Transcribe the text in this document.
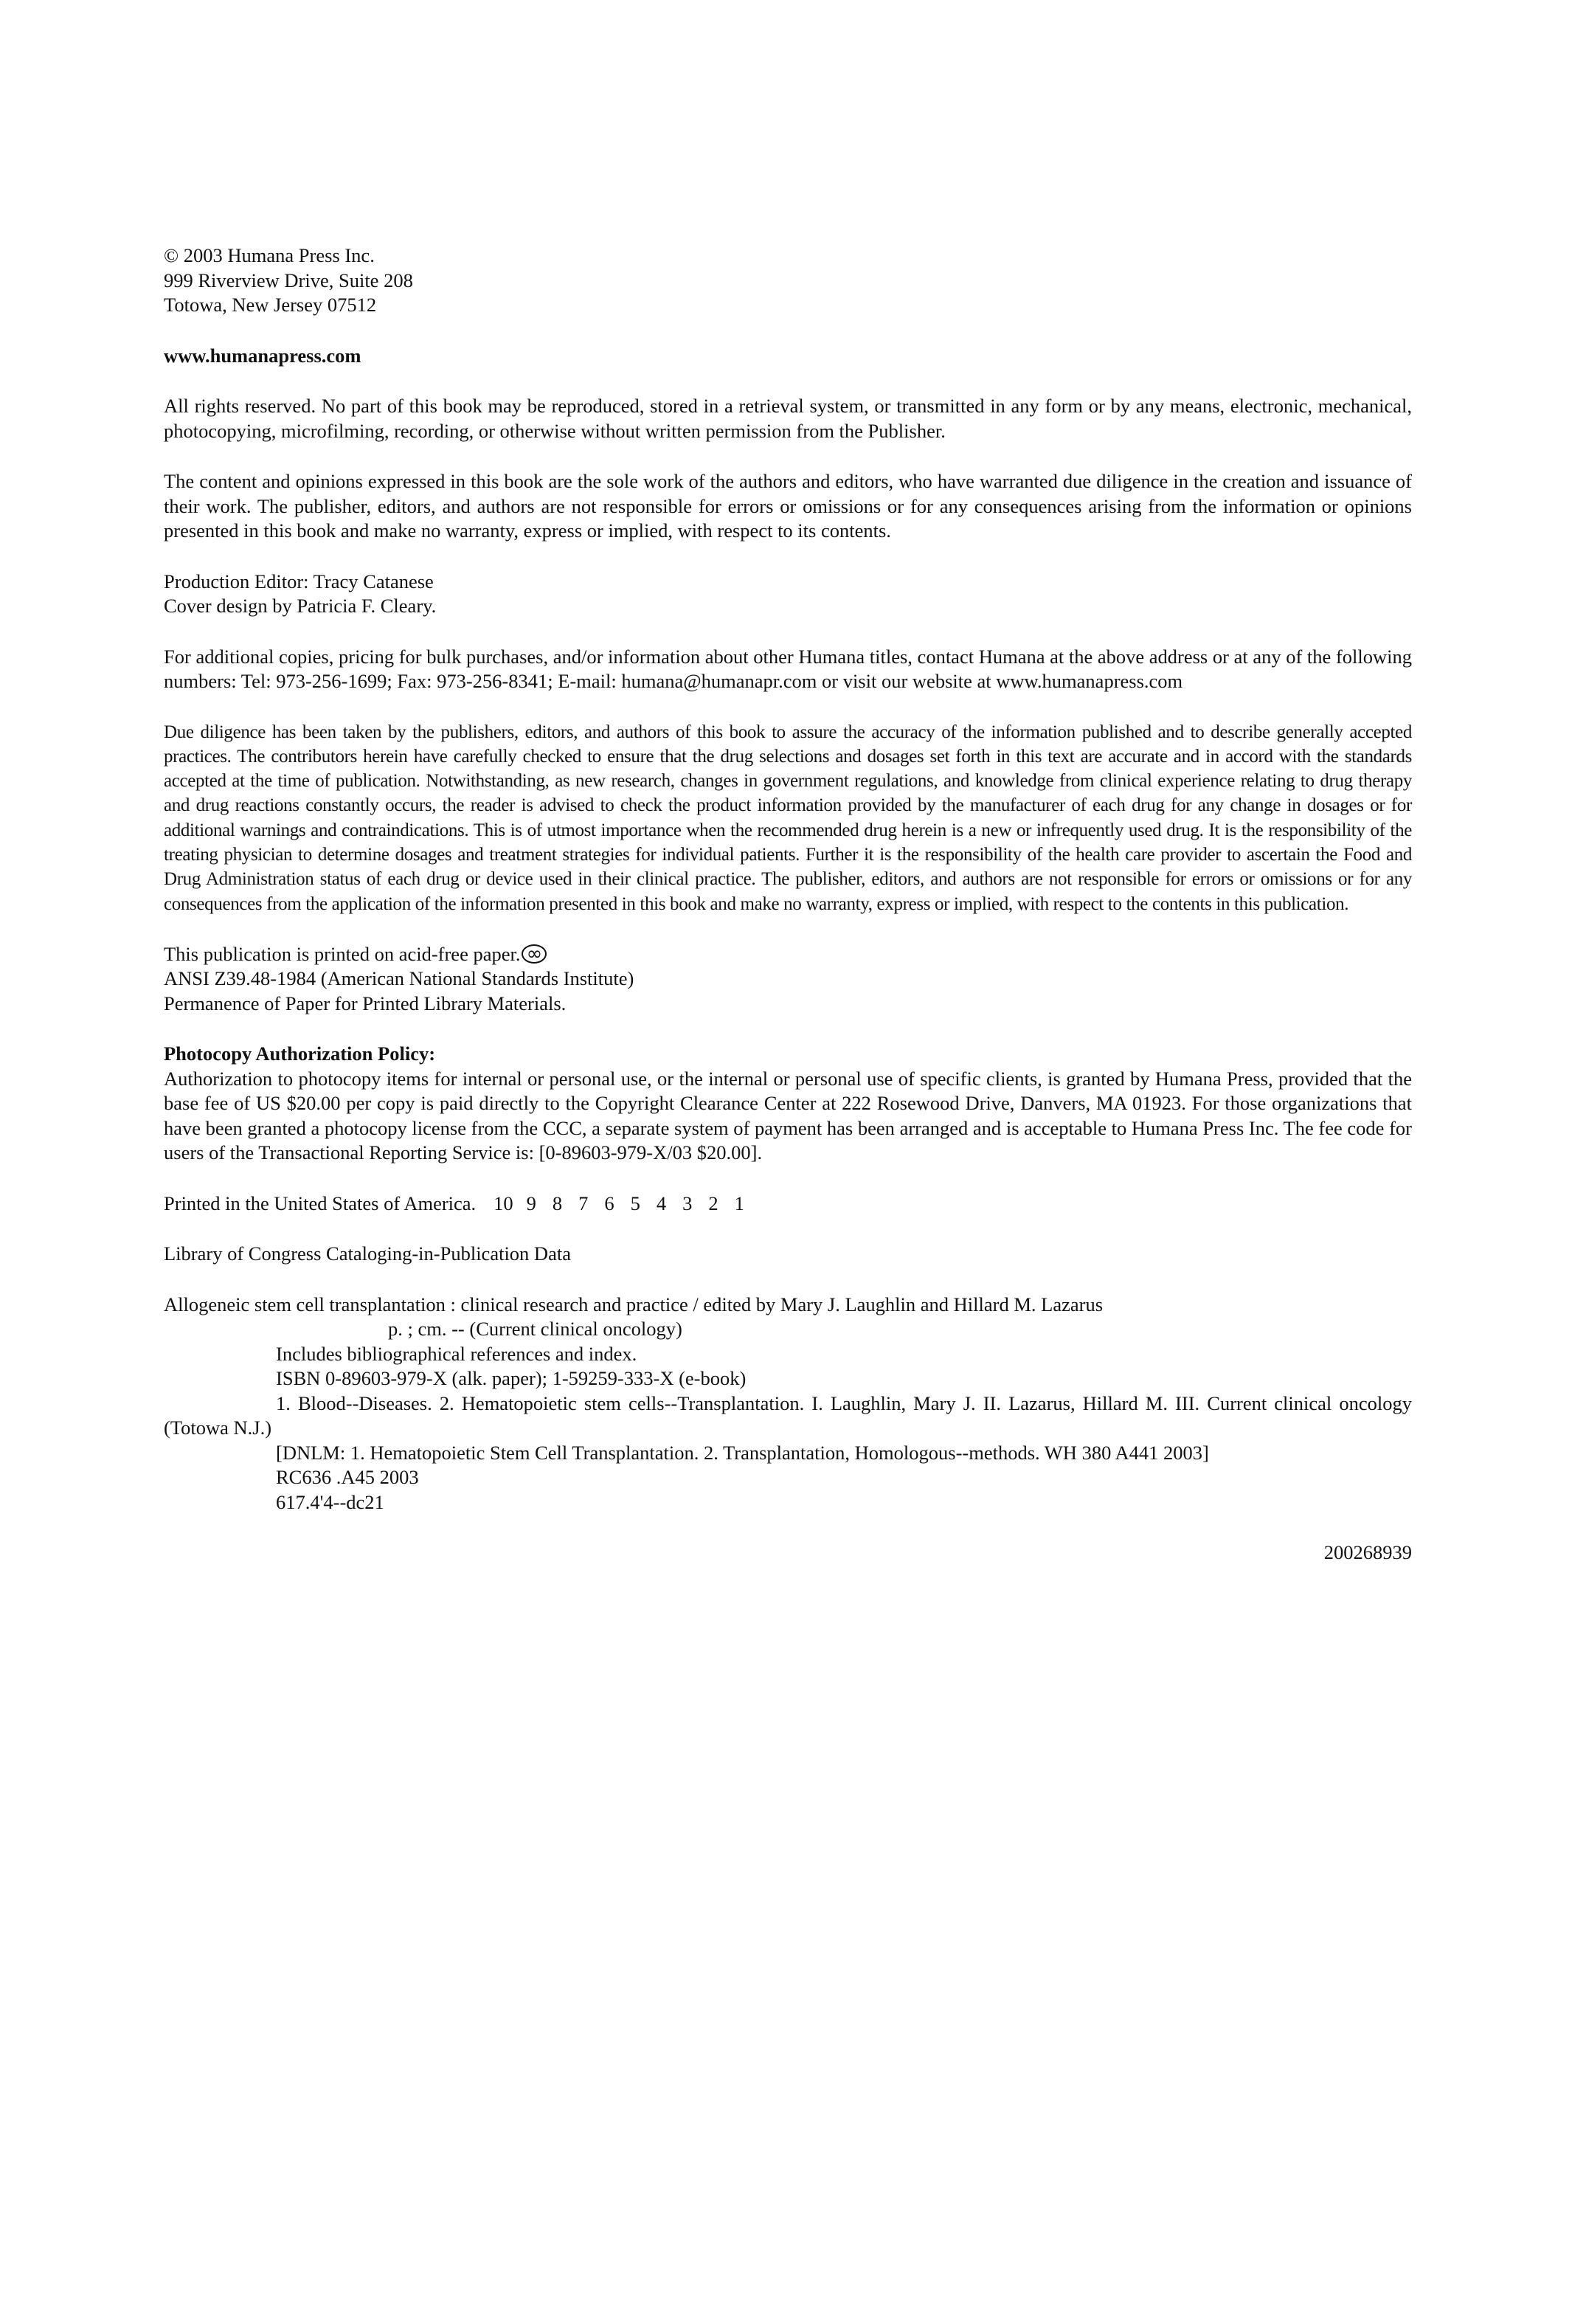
© 2003 Humana Press Inc.
999 Riverview Drive, Suite 208
Totowa, New Jersey 07512
www.humanapress.com

All rights reserved. No part of this book may be reproduced, stored in a retrieval system, or transmitted in any form or by any means, electronic, mechanical, photocopying, microfilming, recording, or otherwise without written permission from the Publisher.

The content and opinions expressed in this book are the sole work of the authors and editors, who have warranted due diligence in the creation and issuance of their work. The publisher, editors, and authors are not responsible for errors or omissions or for any consequences arising from the information or opinions presented in this book and make no warranty, express or implied, with respect to its contents.

Production Editor: Tracy Catanese
Cover design by Patricia F. Cleary.

For additional copies, pricing for bulk purchases, and/or information about other Humana titles, contact Humana at the above address or at any of the following numbers: Tel: 973-256-1699; Fax: 973-256-8341; E-mail: humana@humanapr.com or visit our website at www.humanapress.com

Due diligence has been taken by the publishers, editors, and authors of this book to assure the accuracy of the information published and to describe generally accepted practices. The contributors herein have carefully checked to ensure that the drug selections and dosages set forth in this text are accurate and in accord with the standards accepted at the time of publication. Notwithstanding, as new research, changes in government regulations, and knowledge from clinical experience relating to drug therapy and drug reactions constantly occurs, the reader is advised to check the product information provided by the manufacturer of each drug for any change in dosages or for additional warnings and contraindications. This is of utmost importance when the recommended drug herein is a new or infrequently used drug. It is the responsibility of the treating physician to determine dosages and treatment strategies for individual patients. Further it is the responsibility of the health care provider to ascertain the Food and Drug Administration status of each drug or device used in their clinical practice. The publisher, editors, and authors are not responsible for errors or omissions or for any consequences from the application of the information presented in this book and make no warranty, express or implied, with respect to the contents in this publication.

This publication is printed on acid-free paper.∞
ANSI Z39.48-1984 (American National Standards Institute)
Permanence of Paper for Printed Library Materials.
Photocopy Authorization Policy:

Authorization to photocopy items for internal or personal use, or the internal or personal use of specific clients, is granted by Humana Press, provided that the base fee of US $20.00 per copy is paid directly to the Copyright Clearance Center at 222 Rosewood Drive, Danvers, MA 01923. For those organizations that have been granted a photocopy license from the CCC, a separate system of payment has been arranged and is acceptable to Humana Press Inc. The fee code for users of the Transactional Reporting Service is: [0-89603-979-X/03 $20.00].

Printed in the United States of America. 10 9 8 7 6 5 4 3 2 1
Library of Congress Cataloging-in-Publication Data
Allogeneic stem cell transplantation : clinical research and practice / edited by Mary J. Laughlin and Hillard M. Lazarus
p. ; cm. -- (Current clinical oncology)
Includes bibliographical references and index.
ISBN 0-89603-979-X (alk. paper); 1-59259-333-X (e-book)

1. Blood--Diseases. 2. Hematopoietic stem cells--Transplantation. I. Laughlin, Mary J. II. Lazarus, Hillard M. III. Current clinical oncology (Totowa N.J.)

[DNLM: 1. Hematopoietic Stem Cell Transplantation. 2. Transplantation, Homologous--methods. WH 380 A441 2003]

RC636 .A45 2003
617.4'4--dc21
200268939
